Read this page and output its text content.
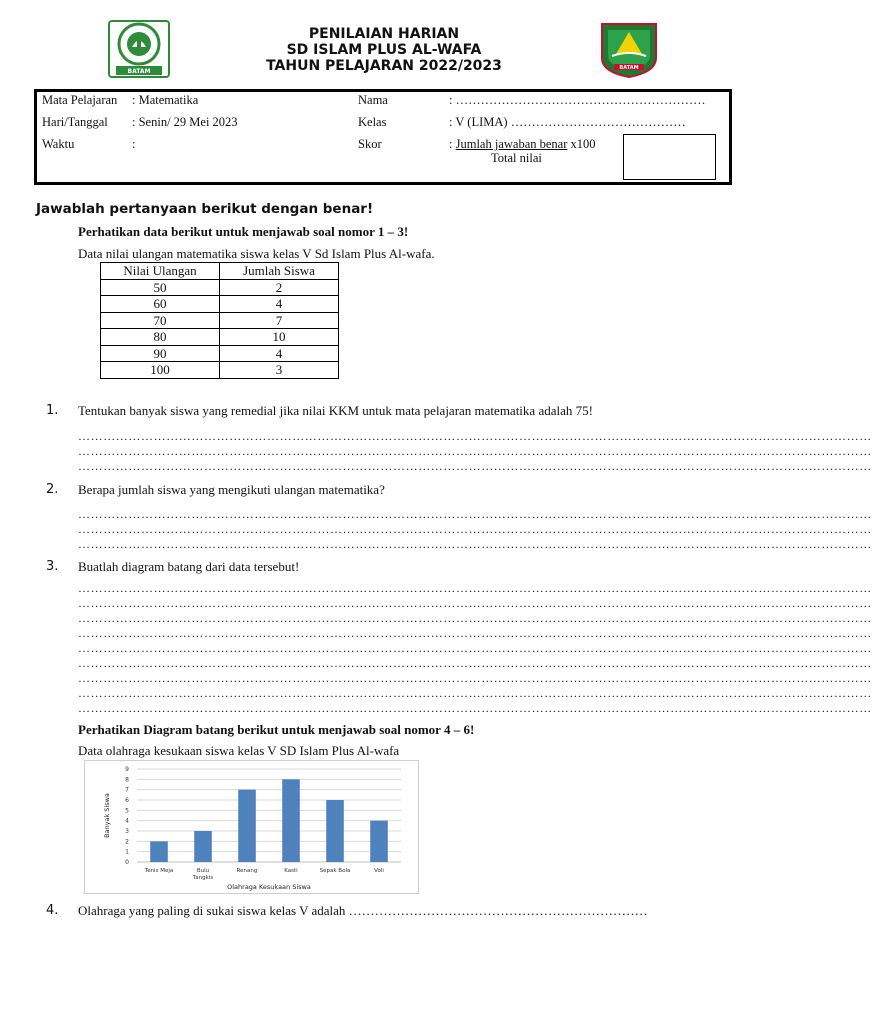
BATAM
PENILAIAN HARIAN
SD ISLAM PLUS AL-WAFA
TAHUN PELAJARAN 2022/2023	BATAM
Mata Pelajaran : Matematika
Hari/Tanggal : Senin/ 29 Mei 2023
Waktu	:
Nama	: ……………………………………………………
Kelas	: V (LIMA) ……………………………………
Skor	: Jumlah jawaban benar x100
Total nilai
Jawablah pertanyaan berikut dengan benar!
Perhatikan data berikut untuk menjawab soal nomor 1 – 3!
Data nilai ulangan matematika siswa kelas V Sd Islam Plus Al-wafa.
Nilai Ulangan	Jumlah Siswa
50	2
60	4
70	7
80	10
90	4
100	3
1. Tentukan banyak siswa yang remedial jika nilai KKM untuk mata pelajaran matematika adalah 75!
………………………………………………………………………………………………………………………………………………………………………
………………………………………………………………………………………………………………………………………………………………………
………………………………………………………………………………………………………………………………………………………………………
2. Berapa jumlah siswa yang mengikuti ulangan matematika?
………………………………………………………………………………………………………………………………………………………………………
………………………………………………………………………………………………………………………………………………………………………
………………………………………………………………………………………………………………………………………………………………………
3. Buatlah diagram batang dari data tersebut!
………………………………………………………………………………………………………………………………………………………………………
………………………………………………………………………………………………………………………………………………………………………
………………………………………………………………………………………………………………………………………………………………………
………………………………………………………………………………………………………………………………………………………………………
………………………………………………………………………………………………………………………………………………………………………
………………………………………………………………………………………………………………………………………………………………………
………………………………………………………………………………………………………………………………………………………………………
………………………………………………………………………………………………………………………………………………………………………
………………………………………………………………………………………………………………………………………………………………………
Perhatikan Diagram batang berikut untuk menjawab soal nomor 4 – 6!
Data olahraga kesukaan siswa kelas V SD Islam Plus Al-wafa
0
1
2
3
4
5
6
7
8
9
Tenis Meja	Bulu
Tangkis
Renang	Kasti	Sepak Bola	Voli
Olahraga Kesukaan Siswa
Banyak Siswa
4. Olahraga yang paling di sukai siswa kelas V adalah ……………………………………………………………
